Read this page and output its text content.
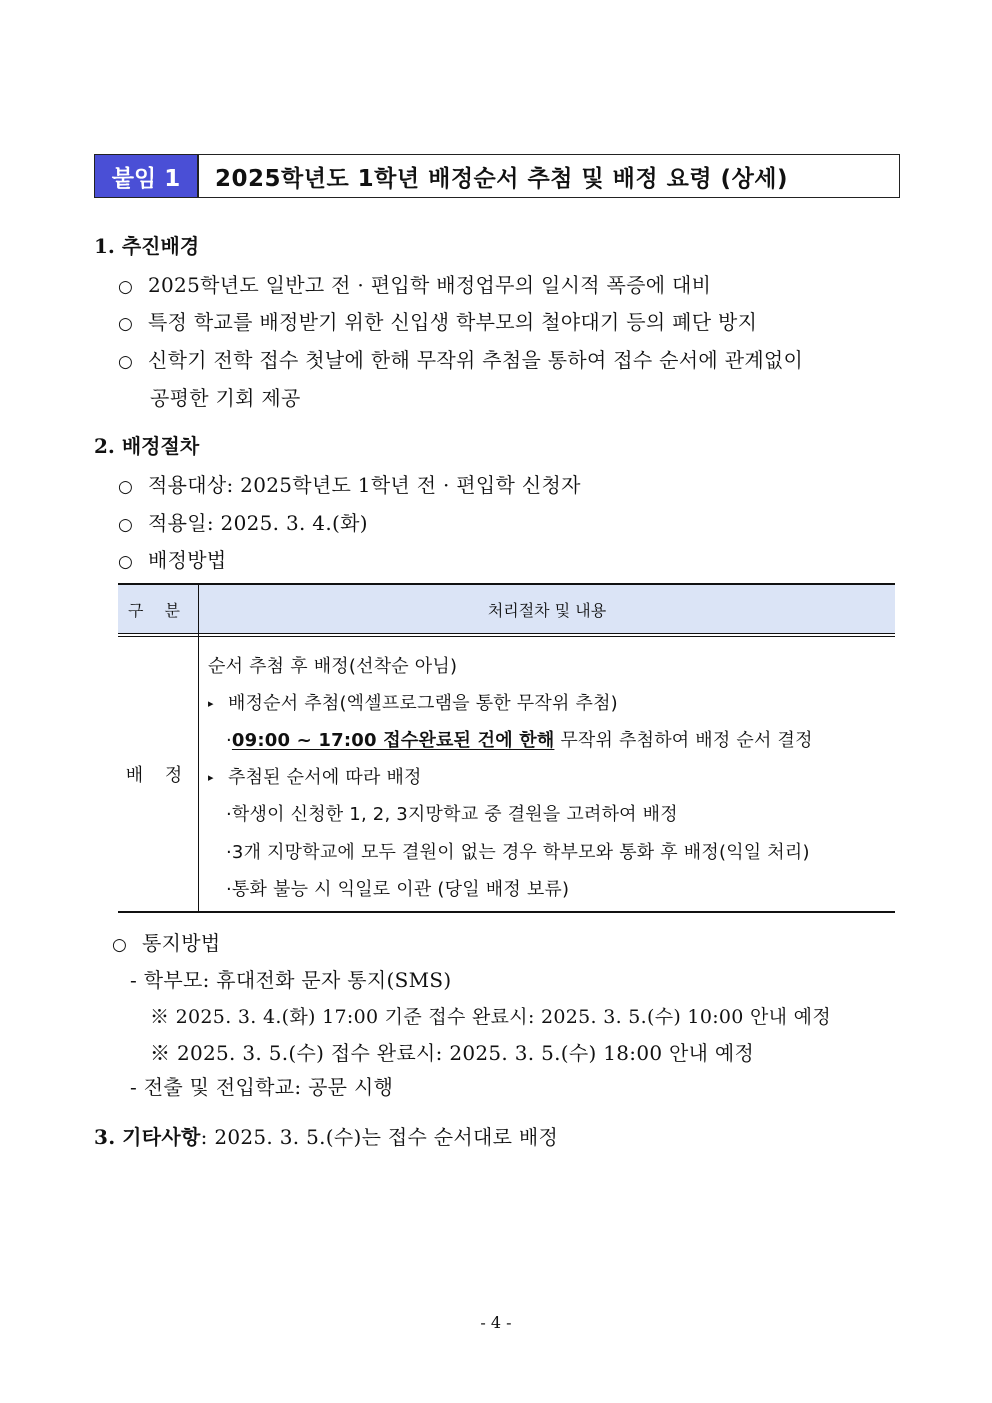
붙임 1	2025학년도 1학년 배정순서 추첨 및 배정 요령 (상세)
1. 추진배경
○ 2025학년도 일반고 전 · 편입학 배정업무의 일시적 폭증에 대비
○ 특정 학교를 배정받기 위한 신입생 학부모의 철야대기 등의 폐단 방지
○ 신학기 전학 접수 첫날에 한해 무작위 추첨을 통하여 접수 순서에 관계없이
공평한 기회 제공
2. 배정절차
○ 적용대상: 2025학년도 1학년 전 · 편입학 신청자
○ 적용일: 2025. 3. 4.(화)
○ 배정방법
구 분	처리절차 및 내용
배 정
순서 추첨 후 배정(선착순 아님)
▸ 배정순서 추첨(엑셀프로그램을 통한 무작위 추첨)
·09:00 ~ 17:00 접수완료된 건에 한해 무작위 추첨하여 배정 순서 결정
▸ 추첨된 순서에 따라 배정
·학생이 신청한 1, 2, 3지망학교 중 결원을 고려하여 배정
·3개 지망학교에 모두 결원이 없는 경우 학부모와 통화 후 배정(익일 처리)
·통화 불능 시 익일로 이관 (당일 배정 보류)
○ 통지방법
- 학부모: 휴대전화 문자 통지(SMS)
※ 2025. 3. 4.(화) 17:00 기준 접수 완료시: 2025. 3. 5.(수) 10:00 안내 예정
※ 2025. 3. 5.(수) 접수 완료시: 2025. 3. 5.(수) 18:00 안내 예정
- 전출 및 전입학교: 공문 시행
3. 기타사항: 2025. 3. 5.(수)는 접수 순서대로 배정
- 4 -
